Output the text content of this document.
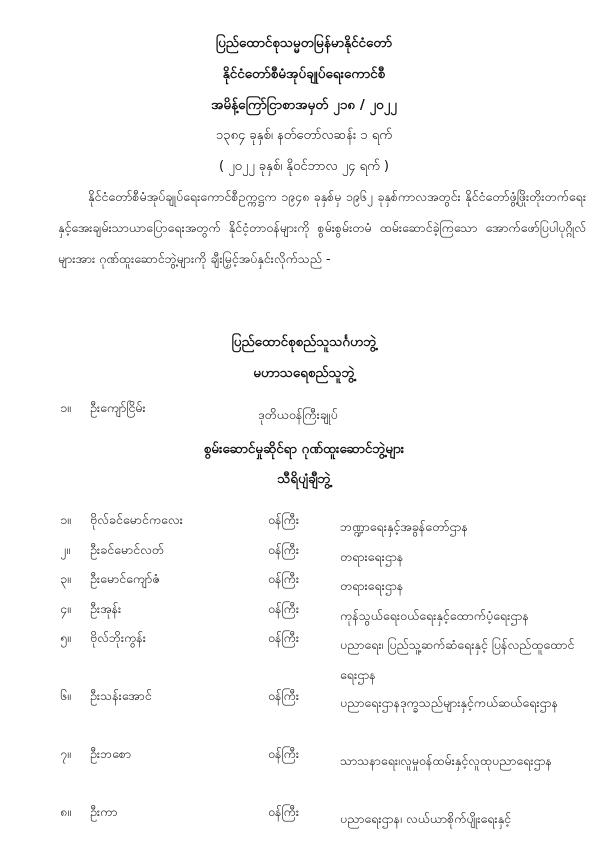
ပြည်ထောင်စုသမ္မတမြန်မာနိုင်ငံတော်
နိုင်ငံတော်စီမံအုပ်ချုပ်ရေးကောင်စီ
အမိန့်ကြော်ငြာစာအမှတ် ၂၁၈ / ၂၀၂၂
၁၃၈၄ ခုနှစ်၊ နတ်တော်လဆန်း ၁ ရက်
( ၂၀၂၂ ခုနှစ်၊ နိုဝင်ဘာလ ၂၄ ရက် )
နိုင်ငံတော်စီမံအုပ်ချုပ်ရေးကောင်စီဥက္ကဋ္ဌက ၁၉၄၈ ခုနှစ်မှ ၁၉၆၂ ခုနှစ်ကာလအတွင်း နိုင်ငံတော်ဖွံ့ဖြိုးတိုးတက်ရေးနှင့်အေးချမ်းသာယာပြောရေးအတွက် နိုင်ငံ့တာဝန်များကို စွမ်းစွမ်းတမံ ထမ်းဆောင်ခဲ့ကြသော အောက်ဖော်ပြပါပုဂ္ဂိုလ်များအား ဂုဏ်ထူးဆောင်ဘွဲ့များကို ချီးမြှင့်အပ်နှင်းလိုက်သည် -
ပြည်ထောင်စုစည်သူသင်္ဂဟဘွဲ့
မဟာသရေစည်သူဘွဲ့
၁။ ဦးကျော်ငြိမ်း	ဒုတိယဝန်ကြီးချုပ်
စွမ်းဆောင်မှုဆိုင်ရာ ဂုဏ်ထူးဆောင်ဘွဲ့များ
သီရိပျံချီဘွဲ့
၁။ ဗိုလ်ခင်မောင်ကလေး	ဝန်ကြီး	ဘဏ္ဍာရေးနှင့်အခွန်တော်ဌာန
၂။ ဦးခင်မောင်လတ်	ဝန်ကြီး	တရားရေးဌာန
၃။ ဦးမောင်ကျော်ဇံ	ဝန်ကြီး	တရားရေးဌာန
၄။ ဦးအုန်း	ဝန်ကြီး	ကုန်သွယ်ရေးဝယ်ရေးနှင့်ထောက်ပံ့ရေးဌာန
၅။ ဗိုလ်ဘိုးကွန်း	ဝန်ကြီး	ပညာရေး၊ ပြည်သူ့ဆက်ဆံရေးနှင့် ပြန်လည်ထူထောင်ရေးဌာန
၆။ ဦးသန်းအောင်	ဝန်ကြီး	ပညာရေးဌာနဒုက္ခသည်များနှင့်ကယ်ဆယ်ရေးဌာန
၇။ ဦးဘစော	ဝန်ကြီး	သာသနာရေး၊လူမှုဝန်ထမ်းနှင့်လူထုပညာရေးဌာန
၈။ ဦးကာ	ဝန်ကြီး	ပညာရေးဌာန၊ လယ်ယာစိုက်ပျိုးရေးနှင့်
